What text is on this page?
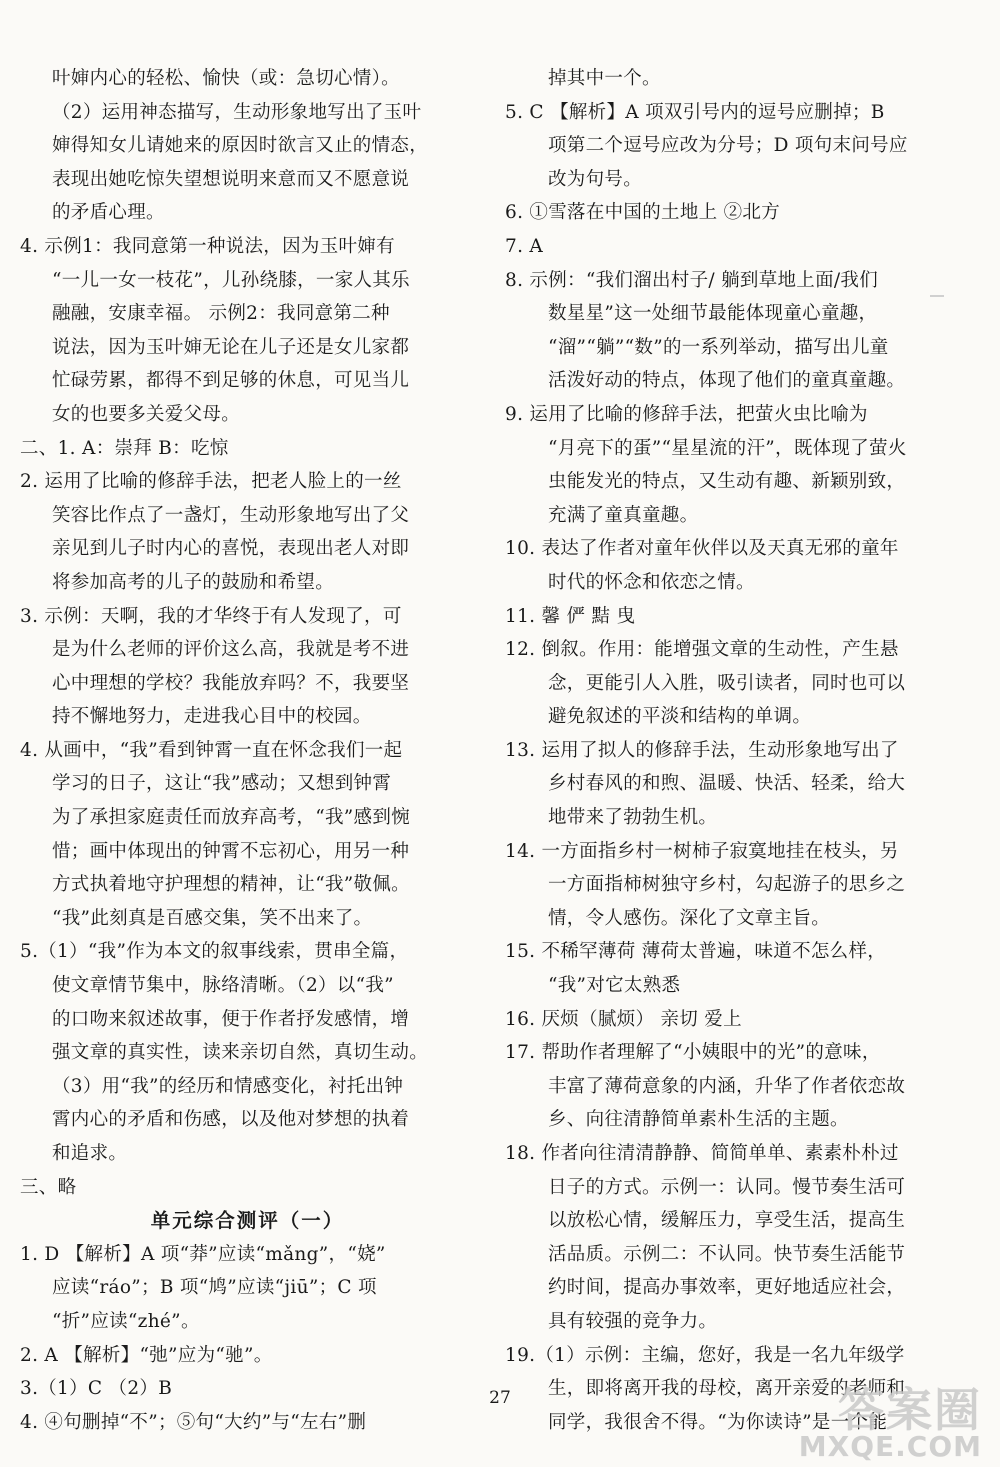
叶婶内心的轻松、愉快（或：急切心情）。
（2）运用神态描写，生动形象地写出了玉叶
婶得知女儿请她来的原因时欲言又止的情态，
表现出她吃惊失望想说明来意而又不愿意说
的矛盾心理。
4. 示例1：我同意第一种说法，因为玉叶婶有
“一儿一女一枝花”，儿孙绕膝，一家人其乐
融融，安康幸福。 示例2：我同意第二种
说法，因为玉叶婶无论在儿子还是女儿家都
忙碌劳累，都得不到足够的休息，可见当儿
女的也要多关爱父母。
二、1. A：崇拜 B：吃惊
2. 运用了比喻的修辞手法，把老人脸上的一丝
笑容比作点了一盏灯，生动形象地写出了父
亲见到儿子时内心的喜悦，表现出老人对即
将参加高考的儿子的鼓励和希望。
3. 示例：天啊，我的才华终于有人发现了，可
是为什么老师的评价这么高，我就是考不进
心中理想的学校？我能放弃吗？不，我要坚
持不懈地努力，走进我心目中的校园。
4. 从画中，“我”看到钟霄一直在怀念我们一起
学习的日子，这让“我”感动；又想到钟霄
为了承担家庭责任而放弃高考，“我”感到惋
惜；画中体现出的钟霄不忘初心，用另一种
方式执着地守护理想的精神，让“我”敬佩。
“我”此刻真是百感交集，笑不出来了。
5.（1）“我”作为本文的叙事线索，贯串全篇，
使文章情节集中，脉络清晰。（2）以“我”
的口吻来叙述故事，便于作者抒发感情，增
强文章的真实性，读来亲切自然，真切生动。
（3）用“我”的经历和情感变化，衬托出钟
霄内心的矛盾和伤感，以及他对梦想的执着
和追求。
三、略
单元综合测评（一）
1. D 【解析】A 项“莽”应读“mǎng”，“娆”
应读“ráo”；B 项“鸠”应读“jiū”；C 项
“折”应读“zhé”。
2. A 【解析】“弛”应为“驰”。
3.（1）C （2）B
4. ④句删掉“不”；⑤句“大约”与“左右”删
掉其中一个。
5. C 【解析】A 项双引号内的逗号应删掉；B
项第二个逗号应改为分号；D 项句末问号应
改为句号。
6. ①雪落在中国的土地上 ②北方
7. A
8. 示例：“我们溜出村子/ 躺到草地上面/我们
数星星”这一处细节最能体现童心童趣，
“溜”“躺”“数”的一系列举动，描写出儿童
活泼好动的特点，体现了他们的童真童趣。
9. 运用了比喻的修辞手法，把萤火虫比喻为
“月亮下的蛋”“星星流的汗”，既体现了萤火
虫能发光的特点，又生动有趣、新颖别致，
充满了童真童趣。
10. 表达了作者对童年伙伴以及天真无邪的童年
时代的怀念和依恋之情。
11. 馨 俨 黠 曳
12. 倒叙。作用：能增强文章的生动性，产生悬
念，更能引人入胜，吸引读者，同时也可以
避免叙述的平淡和结构的单调。
13. 运用了拟人的修辞手法，生动形象地写出了
乡村春风的和煦、温暖、快活、轻柔，给大
地带来了勃勃生机。
14. 一方面指乡村一树柿子寂寞地挂在枝头，另
一方面指柿树独守乡村，勾起游子的思乡之
情，令人感伤。深化了文章主旨。
15. 不稀罕薄荷 薄荷太普遍，味道不怎么样，
“我”对它太熟悉
16. 厌烦（腻烦） 亲切 爱上
17. 帮助作者理解了“小姨眼中的光”的意味，
丰富了薄荷意象的内涵，升华了作者依恋故
乡、向往清静简单素朴生活的主题。
18. 作者向往清清静静、简简单单、素素朴朴过
日子的方式。示例一：认同。慢节奏生活可
以放松心情，缓解压力，享受生活，提高生
活品质。示例二：不认同。快节奏生活能节
约时间，提高办事效率，更好地适应社会，
具有较强的竞争力。
19.（1）示例：主编，您好，我是一名九年级学
生，即将离开我的母校，离开亲爱的老师和
同学，我很舍不得。“为你读诗”是一个能
27	答案圈
MXQE.COM
